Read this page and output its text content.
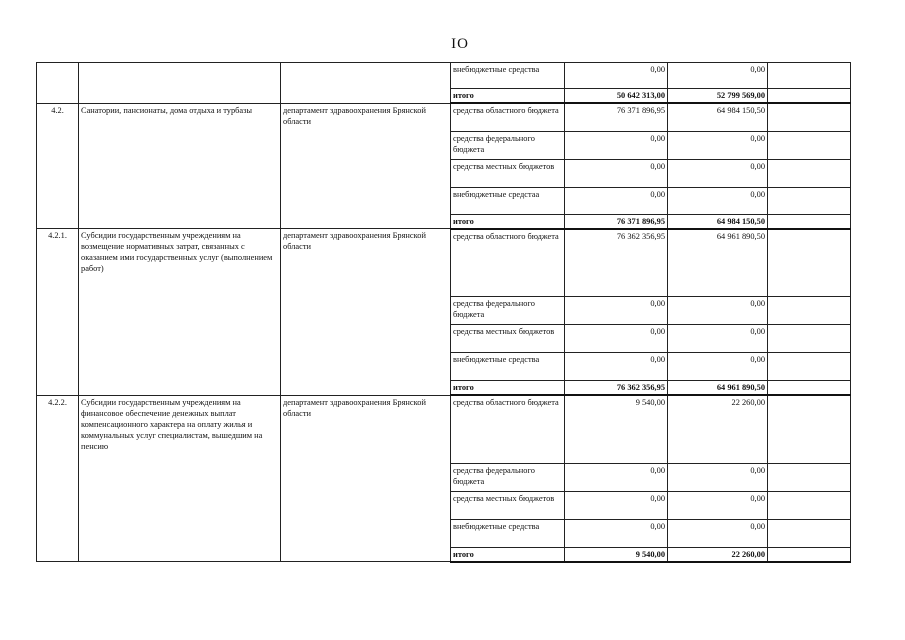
IO
			внебюджетные средства	0,00	0,00	
			итого	50 642 313,00	52 799 569,00	
4.2.	Санатории, пансионаты, дома отдыха и турбазы	департамент здравоохранения Брянской области	средства областного бюджета	76 371 896,95	64 984 150,50	
			средства федерального бюджета	0,00	0,00	
			средства местных бюджетов	0,00	0,00	
			внебюджетные средстаа	0,00	0,00	
			итого	76 371 896,95	64 984 150,50	
4.2.1.	Субсидии государственным учреждениям на возмещение нормативных затрат, связанных с оказанием ими государственных услуг (выполнением работ)	департамент здравоохранения Брянской области	средства областного бюджета	76 362 356,95	64 961 890,50	
			средства федерального бюджета	0,00	0,00	
			средства местных бюджетов	0,00	0,00	
			внебюджетные средства	0,00	0,00	
			итого	76 362 356,95	64 961 890,50	
4.2.2.	Субсидии государственным учреждениям на финансовое обеспечение денежных выплат компенсационного характера на оплату жилья и коммунальных услуг специалистам, вышедшим на пенсию	департамент здравоохранения Брянской области	средства областного бюджета	9 540,00	22 260,00	
			средства федерального бюджета	0,00	0,00	
			средства местных бюджетов	0,00	0,00	
			внебюджетные средства	0,00	0,00	
			итого	9 540,00	22 260,00	
